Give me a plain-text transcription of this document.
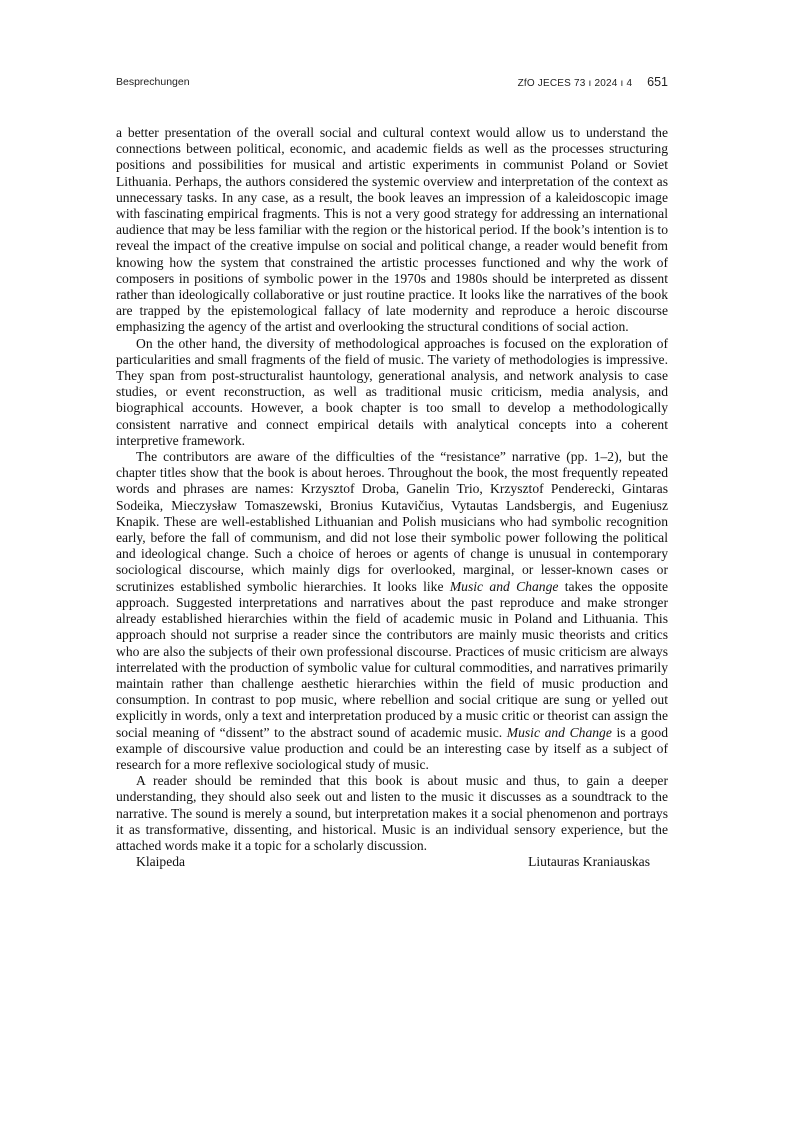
Besprechungen	ZfO JECES 73 ı 2024 ı 4 651

a better presentation of the overall social and cultural context would allow us to understand the connections between political, economic, and academic fields as well as the processes structuring positions and possibilities for musical and artistic experiments in communist Poland or Soviet Lithuania. Perhaps, the authors considered the systemic overview and interpretation of the context as unnecessary tasks. In any case, as a result, the book leaves an impression of a kaleidoscopic image with fascinating empirical fragments. This is not a very good strategy for addressing an international audience that may be less familiar with the region or the historical period. If the book’s intention is to reveal the impact of the creative impulse on social and political change, a reader would benefit from knowing how the system that constrained the artistic processes functioned and why the work of composers in positions of symbolic power in the 1970s and 1980s should be interpreted as dissent rather than ideologically collaborative or just routine practice. It looks like the narratives of the book are trapped by the epistemological fallacy of late modernity and reproduce a heroic discourse emphasizing the agency of the artist and overlooking the structural conditions of social action.

On the other hand, the diversity of methodological approaches is focused on the exploration of particularities and small fragments of the field of music. The variety of methodologies is impressive. They span from post-structuralist hauntology, generational analysis, and network analysis to case studies, or event reconstruction, as well as traditional music criticism, media analysis, and biographical accounts. However, a book chapter is too small to develop a methodologically consistent narrative and connect empirical details with analytical concepts into a coherent interpretive framework.

The contributors are aware of the difficulties of the “resistance” narrative (pp. 1–2), but the chapter titles show that the book is about heroes. Throughout the book, the most frequently repeated words and phrases are names: Krzysztof Droba, Ganelin Trio, Krzysztof Penderecki, Gintaras Sodeika, Mieczysław Tomaszewski, Bronius Kutavičius, Vytautas Landsbergis, and Eugeniusz Knapik. These are well-established Lithuanian and Polish musicians who had symbolic recognition early, before the fall of communism, and did not lose their symbolic power following the political and ideological change. Such a choice of heroes or agents of change is unusual in contemporary sociological discourse, which mainly digs for overlooked, marginal, or lesser-known cases or scrutinizes established symbolic hierarchies. It looks like Music and Change takes the opposite approach. Suggested interpretations and narratives about the past reproduce and make stronger already established hierarchies within the field of academic music in Poland and Lithuania. This approach should not surprise a reader since the contributors are mainly music theorists and critics who are also the subjects of their own professional discourse. Practices of music criticism are always interrelated with the production of symbolic value for cultural commodities, and narratives primarily maintain rather than challenge aesthetic hierarchies within the field of music production and consumption. In contrast to pop music, where rebellion and social critique are sung or yelled out explicitly in words, only a text and interpretation produced by a music critic or theorist can assign the social meaning of “dissent” to the abstract sound of academic music. Music and Change is a good example of discoursive value production and could be an interesting case by itself as a subject of research for a more reflexive sociological study of music.

A reader should be reminded that this book is about music and thus, to gain a deeper understanding, they should also seek out and listen to the music it discusses as a soundtrack to the narrative. The sound is merely a sound, but interpretation makes it a social phenomenon and portrays it as transformative, dissenting, and historical. Music is an individual sensory experience, but the attached words make it a topic for a scholarly discussion.

Klaipeda	Liutauras Kraniauskas
